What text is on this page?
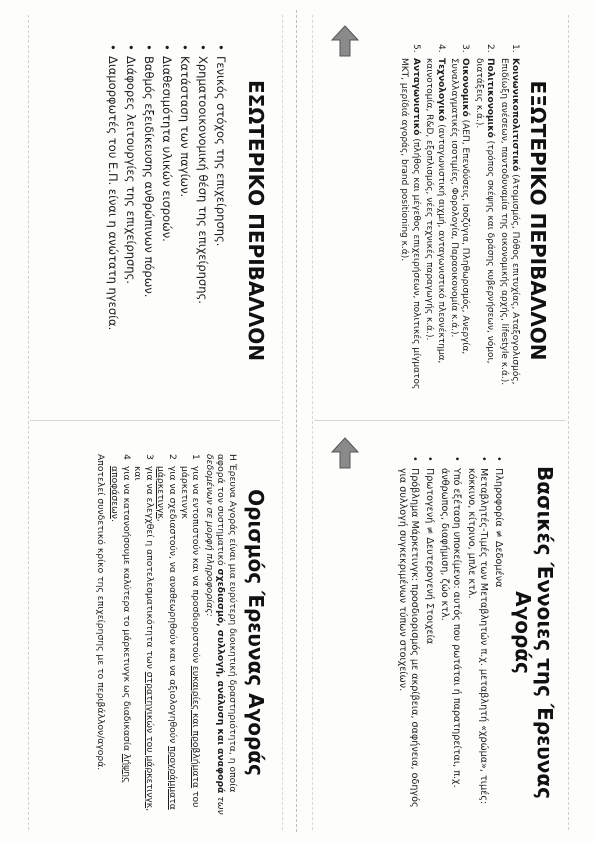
ΕΣΩΤΕΡΙΚΟ ΠΕΡΙΒΑΛΛΟΝ
• Γενικός στόχος της επιχείρησης.
• Χρηματοοικονομική θέση της επιχείρησης.
• Κατάσταση των παγίων.
• Διαθεσιμότητα υλικών εισροών.
• Βαθμός εξειδίκευσης ανθρώπινων πόρων.
• Διάφορες λειτουργίες της επιχείρησης.
• Διαμορφωτές του Ε.Π. είναι η ανώτατη ηγεσία.	ΕΞΩΤΕΡΙΚΟ ΠΕΡΙΒΑΛΛΟΝ
1.
Κοινωνικοπολιτιστικό (Ατομισμός, Πόθος επιτυχίας, Αταξογολισμός, Επιδίωξη ανέσεων, παντοδυναμία της οικονομικής αρχής, lifestyle κ.ά.).
2.
Πολιτικονομικό (τρόπος σκέψης και δράσης κυβερνήσεων, νόμοι, διατάξεις κ.ά.).
3.
Οικονομικό (ΑΕΠ, Επενδύσεις, Ισοζύγια, Πληθωρισμός, Ανεργία, Συναλλαγματικές ισοτιμίες, Φορολογία, Παραοικονομία κ.ά.).
4.
Τεχνολογικό (ανταγωνιστική αιχμή, ανταγωνιστικό πλεονέκτημα, καινοτομία, R&D, εξοπλισμός, νέες τεχνικές παραγωγής κ.ά.).
5.
Ανταγωνιστικό (πλήθος και μέγεθος επιχειρήσεων, πολιτικές μίγματος ΜΚΤ, μερίδιά αγοράς, brand positioning κ.ά).
Ορισμός Έρευνας Αγοράς
Η Έρευνα Αγοράς είναι μια ευρύτερη διοικητική δραστηριότητα, η οποία αφορά τον συστηματικό σχεδιασμό, συλλογή, ανάλυση και αναφορά των δεδομένων σε μορφή πληροφορίας:
1
για να εντοπιστούν και να προσδιοριστούν ευκαιρίες και προβλήματα του μάρκετινγκ
2
για να σχεδιαστούν, να αναθεωρηθούν και να αξιολογηθούν προγράμματα μάρκετινγκ,
3
για να ελεγχθεί η αποτελεσματικότητα των στρατηγικών του μάρκετινγκ, και
4
για να κατανοήσουμε καλύτερα το μάρκετινγκ ως διαδικασία λήψης αποφάσεων.
Αποτελεί συνδετικό κρίκο της επιχείρησης με το περιβάλλον/αγορά.	Βασικές Έννοιες της Έρευνας Αγοράς
• Πληροφορία ≠ Δεδομένα
• Μεταβλητές-Τιμές των Μεταβλητών π.χ. μεταβλητή «χρώμα», τιμές: κόκκινο, κίτρινο, μπλε κτλ.
• Υπό εξέταση υποκείμενο: αυτός που ρωτάται ή παρατηρείται, π.χ. άνθρωπος, διαφήμιση, ζώο κτλ.
• Πρωτογενή ≠ Δευτερογενή Στοιχεία
• Πρόβλημα Μάρκετινγκ: προσδιορισμός με ακρίβεια, σαφήνεια, οδηγός για συλλογή συγκεκριμένων τύπων στοιχείων.
